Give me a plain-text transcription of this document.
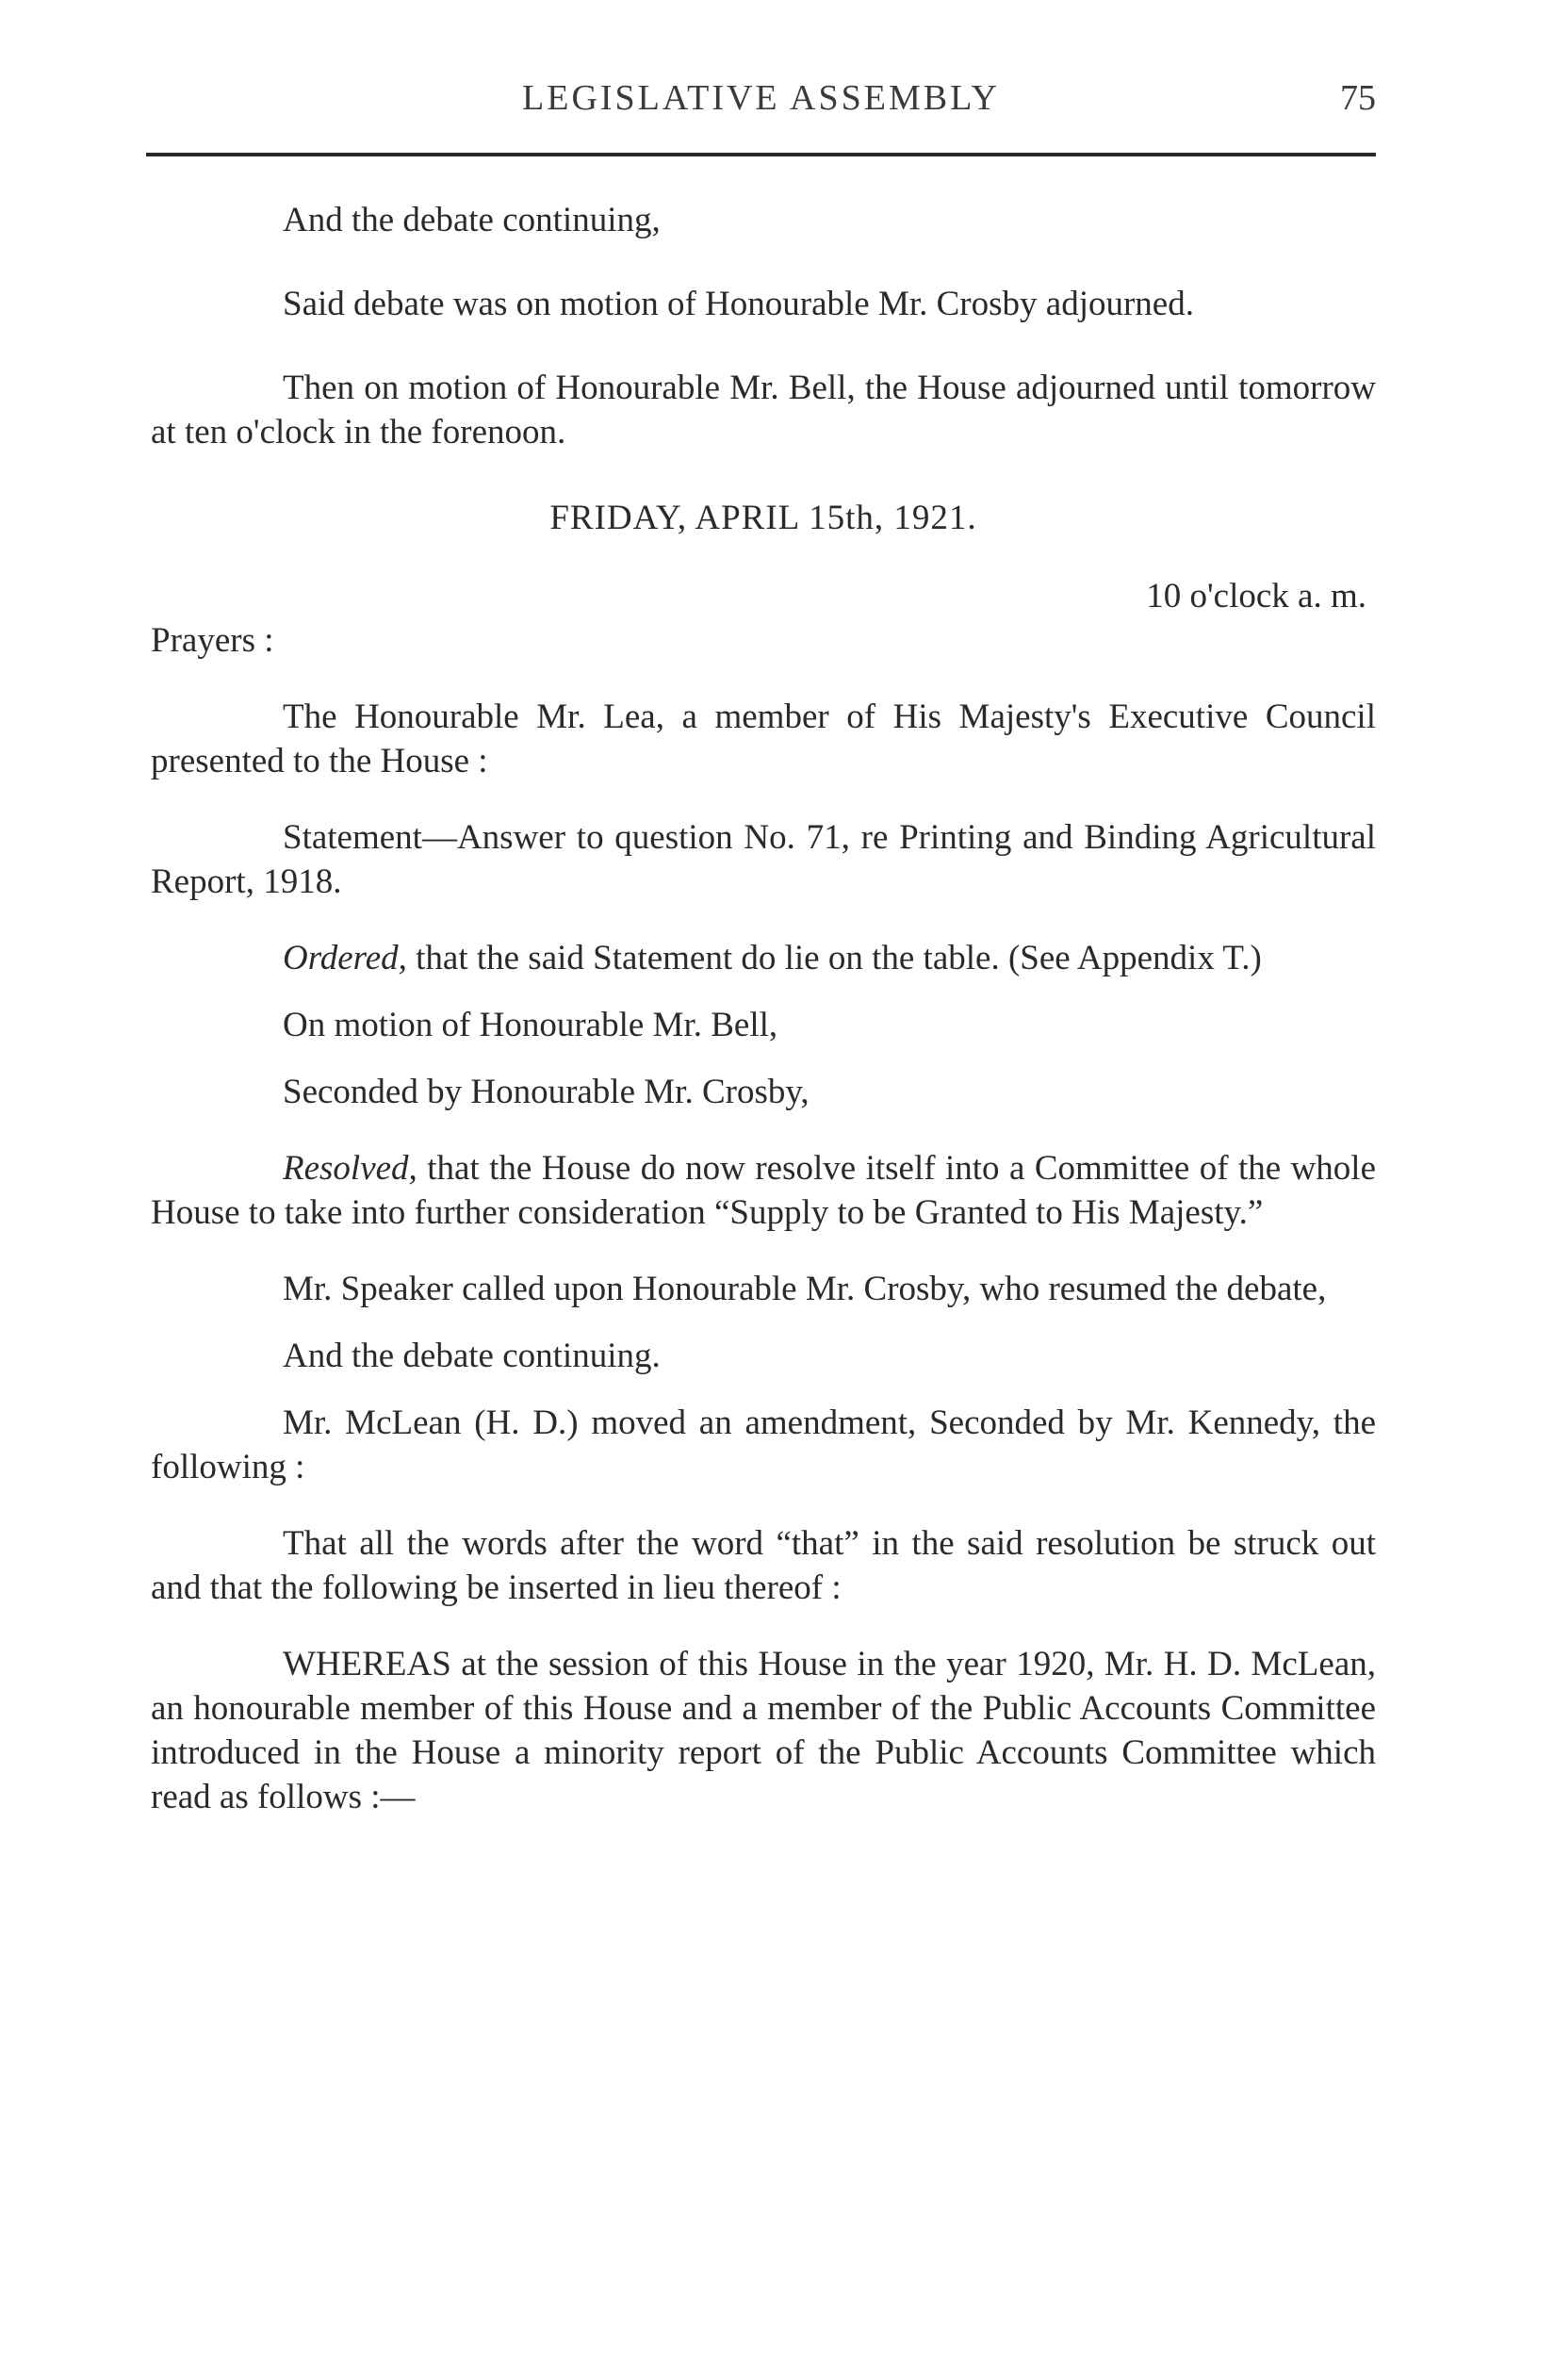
LEGISLATIVE ASSEMBLY	75

And the debate continuing,

Said debate was on motion of Honourable Mr. Crosby adjourned.

Then on motion of Honourable Mr. Bell, the House adjourned until tomorrow at ten o'clock in the forenoon.

FRIDAY, APRIL 15th, 1921.

10 o'clock a. m.

Prayers :

The Honourable Mr. Lea, a member of His Majesty's Executive Council presented to the House :

Statement—Answer to question No. 71, re Printing and Binding Agricultural Report, 1918.

Ordered, that the said Statement do lie on the table. (See Appendix T.)

On motion of Honourable Mr. Bell,

Seconded by Honourable Mr. Crosby,

Resolved, that the House do now resolve itself into a Committee of the whole House to take into further consideration “Supply to be Granted to His Majesty.”

Mr. Speaker called upon Honourable Mr. Crosby, who resumed the debate,

And the debate continuing.

Mr. McLean (H. D.) moved an amendment, Seconded by Mr. Kennedy, the following :

That all the words after the word “that” in the said resolution be struck out and that the following be inserted in lieu thereof :

WHEREAS at the session of this House in the year 1920, Mr. H. D. McLean, an honourable member of this House and a member of the Public Accounts Committee introduced in the House a minority report of the Public Accounts Committee which read as follows :—
